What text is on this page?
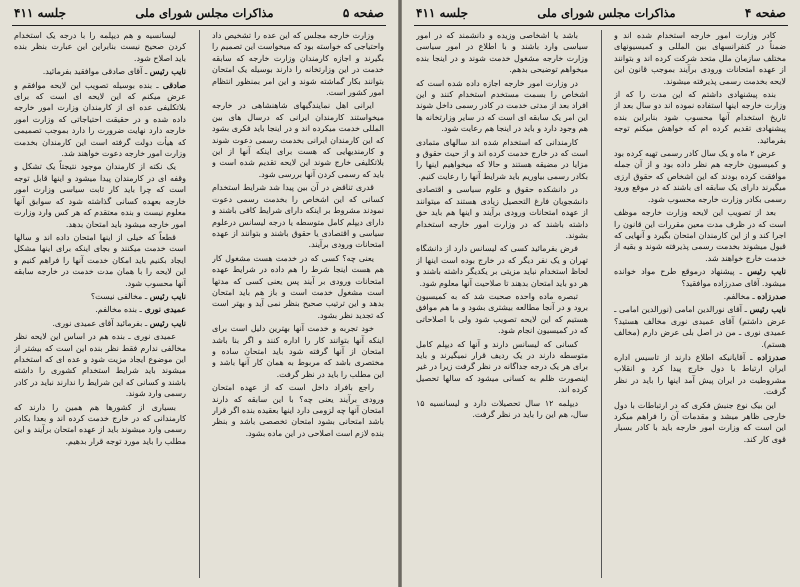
صفحه ۵
مذاکرات مجلس شورای ملی
جلسه ۴۱۱

وزارت خارجه مجلس که این عده را تشخیص داد واحتیاجی که خواسته بود که میخواست این تصمیم را بگیرند و اجازه کارمندان وزارت خارجه که سابقه خدمت در این وزارتخانه را دارند بوسیله یک امتحان بتوانند بکار گماشته شوند و این امر بمنظور انتظام امور کشور است.

ایرانی اهل نمایندگیهای شاهنشاهی در خارجه میخواستند کارمندان ایرانی که درسال های بین المللی خدمت میکرده اند و در اینجا باید فکری بشود که این کارمندان ایرانی بخدمت رسمی دعوت شوند و کارمندیهایی که هست برای اینکه آنها از این بلاتکلیفی خارج شوند این لایحه تقدیم شده است و باید که رسمی کردن آنها بررسی شود.

قدری تناقض در آن بین پیدا شد شرایط استخدام کسانی که این اشخاص را بخدمت رسمی دعوت نمودند مشروط بر اینکه دارای شرایط کافی باشند و دارای دیپلم کامل متوسطه یا درجه لیسانس درعلوم سیاسی و اقتصادی یا حقوق باشند و بتوانند از عهده امتحانات ورودی برآیند.

یعنی چه؟ کسی که در خدمت هست مشغول کار هم هست اینجا شرط را هم داده در شرایط عهده امتحانات ورودی بر آیند پس یعنی کسی که مدتها است مشغول خدمت است و باز هم باید امتحان بدهد و این ترتیب صحیح بنظر نمی آید و بهتر است که تجدید نظر بشود.

خود تجربه و خدمت آنها بهترین دلیل است برای اینکه آنها بتوانند کار را اداره کنند و اگر بنا باشد امتحان از آنها گرفته شود باید امتحان ساده و مختصری باشد که مربوط به همان کار آنها باشد و این مطلب را باید در نظر گرفت.

راجع بافراد داخل است که از عهده امتحان ورودی برآیند یعنی چه؟ با این سابقه که دارند امتحان آنها چه لزومی دارد اینها بعقیده بنده اگر قرار باشد امتحانی بشود امتحان تخصصی باشد و بنظر بنده لازم است اصلاحی در این ماده بشود.

لیسانسیه و هم دیپلمه را با درجه یک استخدام کردن صحیح نیست بنابراین این عبارت بنظر بنده باید اصلاح شود.

نایب رئیس ـ آقای صادقی موافقید بفرمائید.

صادقی ـ بنده بوسیله تصویب این لایحه موافقم و عرض میکنم که این لایحه ای است که برای بلاتکلیفی عده ای از کارمندان وزارت امور خارجه داده شده و در حقیقت احتیاجاتی که وزارت امور خارجه دارد نهایت ضرورت را دارد بموجب تصمیمی که هیأت دولت گرفته است این کارمندان بخدمت وزارت امور خارجه دعوت خواهند شد.

یک نکته از کارمندان موجود نتیجتاً یک تشکل و وقفه ای در کارمندان پیدا میشود و اینها قابل توجه است که چرا باید کار ثابت سیاسی وزارت امور خارجه بعهده کسانی گذاشته شود که سوابق آنها معلوم نیست و بنده معتقدم که هر کس وارد وزارت امور خارجه میشود باید امتحان بدهد.

قطعاً که خیلی از اینها امتحان داده اند و سالها است خدمت میکنند و بجای اینکه برای اینها مشکل ایجاد بکنیم باید امکان خدمت آنها را فراهم کنیم و این لایحه را با همان مدت خدمت در خارجه سابقه آنها محسوب شود.

نایب رئیس ـ مخالفی نیست؟

عمیدی نوری ـ بنده مخالفم.

نایب رئیس ـ بفرمائید آقای عمیدی نوری.

عمیدی نوری ـ بنده هم در اساس این لایحه نظر مخالفی ندارم فقط نظر بنده این است که بیشتر از این موضوع ایجاد مزیت شود و عده ای که استخدام میشوند باید شرایط استخدام کشوری را داشته باشند و کسانی که این شرایط را ندارند نباید در کادر رسمی وارد شوند.

بسیاری از کشورها هم همین را دارند که کارمندانی که در خارج خدمت کرده اند و بعدا بکادر رسمی وارد میشوند باید از عهده امتحان برآیند و این مطلب را باید مورد توجه قرار بدهیم.

صفحه ۴
مذاکرات مجلس شورای ملی
جلسه ۴۱۱

کادر وزارت امور خارجه استخدام شده اند و ضمناً در کنفرانسهای بین المللی و کمیسیونهای مختلف سازمان ملل متحد شرکت کرده اند و بتوانند از عهده امتحانات ورودی برآیند بموجب قانون این لایحه بخدمت رسمی پذیرفته میشوند.

بنده پیشنهادی داشتم که این مدت را که از وزارت خارجه اینها استفاده نموده اند دو سال بعد از تاریخ استخدام آنها محسوب شود بنابراین بنده پیشنهادی تقدیم کرده ام که خواهش میکنم توجه بفرمائید.

عرض ۲ ماه و یک سال کادر رسمی تهیه کرده بود و کمیسیون خارجه هم نظر داده بود و از آن جمله موافقت کرده بودند که این اشخاص که حقوق ارزی میگیرند دارای یک سابقه ای باشند که در موقع ورود رسمی بکادر وزارت خارجه محسوب شود.

بعد از تصویب این لایحه وزارت خارجه موظف است که در ظرف مدت معین مقررات این قانون را اجرا کند و از این کارمندان امتحان بگیرد و آنهایی که قبول میشوند بخدمت رسمی پذیرفته شوند و بقیه از خدمت خارج خواهند شد.

نایب رئیس ـ پیشنهاد درموقع طرح مواد خوانده میشود. آقای صدرزاده موافقید؟

صدرزاده ـ مخالفم.

نایب رئیس ـ آقای نورالدین امامی (نورالدین امامی ـ عرض داشتم) آقای عمیدی نوری مخالف هستید؟ عمیدی نوری ـ من در اصل بلی عرض دارم (مخالف هستم).

صدرزاده ـ آقایانیکه اطلاع دارند از تاسیس اداره ایران ارتباط با دول خارج پیدا کرد و انقلاب مشروطیت در ایران پیش آمد اینها را باید در نظر گرفت.

این بیک نوع جنبش فکری که در ارتباطات با دول خارجی ظاهر میشد و مقدمات آن را فراهم میکرد این است که وزارت امور خارجه باید با کادر بسیار قوی کار کند.

باشد یا اشخاصی وزیده و دانشمند که در امور سیاسی وارد باشند و با اطلاع در امور سیاسی وزارت خارجه مشغول خدمت شوند و در اینجا بنده میخواهم توضیحی بدهم.

در وزارت امور خارجه اجازه داده شده است که اشخاص را بسمت مستخدم استخدام کنند و این افراد بعد از مدتی خدمت در کادر رسمی داخل شوند این امر یک سابقه ای است که در سایر وزارتخانه ها هم وجود دارد و باید در اینجا هم رعایت شود.

کارمندانی که استخدام شده اند سالهای متمادی است که در خارج خدمت کرده اند و از حیث حقوق و مزایا در مضیقه هستند و حالا که میخواهیم اینها را بکادر رسمی بیاوریم باید شرایط آنها را رعایت کنیم.

در دانشکده حقوق و علوم سیاسی و اقتصادی دانشجویان فارغ التحصیل زیادی هستند که میتوانند از عهده امتحانات ورودی برآیند و اینها هم باید حق داشته باشند که در وزارت امور خارجه استخدام بشوند.

فرض بفرمائید کسی که لیسانس دارد از دانشگاه تهران و یک نفر دیگر که در خارج بوده است اینها از لحاظ استخدام نباید مزیتی بر یکدیگر داشته باشند و هر دو باید امتحان بدهند تا صلاحیت آنها معلوم شود.

تبصره ماده واحده صحبت شد که به کمیسیون برود و در آنجا مطالعه بیشتری بشود و ما هم موافق هستیم که این لایحه تصویب شود ولی با اصلاحاتی که در کمیسیون انجام شود.

کسانی که لیسانس دارند و آنها که دیپلم کامل متوسطه دارند در یک ردیف قرار نمیگیرند و باید برای هر یک درجه جداگانه در نظر گرفت زیرا در غیر اینصورت ظلم به کسانی میشود که سالها تحصیل کرده اند.

دیپلمه ۱۲ سال تحصیلات دارد و لیسانسیه ۱۵ سال، هم این را باید در نظر گرفت.
